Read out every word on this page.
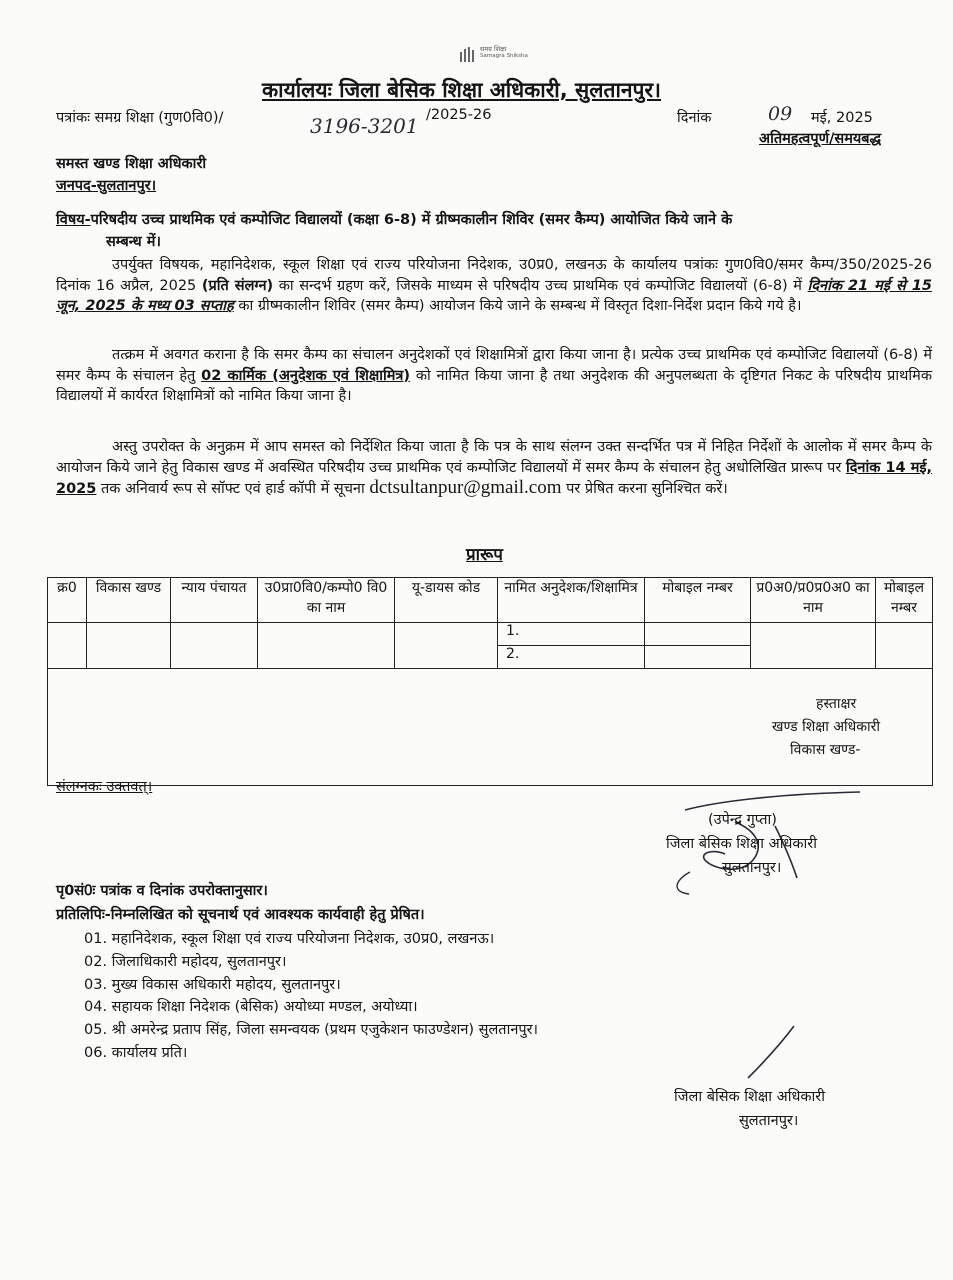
समग्र शिक्षा
Samagra Shiksha
कार्यालयः जिला बेसिक शिक्षा अधिकारी, सुलतानपुर।
पत्रांकः समग्र शिक्षा (गुण0वि0)/	3196-3201 /2025-26	दिनांक	09 मई, 2025
अतिमहत्वपूर्ण/समयबद्ध
समस्त खण्ड शिक्षा अधिकारी
जनपद-सुलतानपुर।
विषय-परिषदीय उच्च प्राथमिक एवं कम्पोजिट विद्यालयों (कक्षा 6-8) में ग्रीष्मकालीन शिविर (समर कैम्प) आयोजित किये जाने के
सम्बन्ध में।
उपर्युक्त विषयक, महानिदेशक, स्कूल शिक्षा एवं राज्य परियोजना निदेशक, उ0प्र0, लखनऊ के कार्यालय पत्रांकः गुण0वि0/समर कैम्प/350/2025-26 दिनांक 16 अप्रैल, 2025 (प्रति संलग्न) का सन्दर्भ ग्रहण करें, जिसके माध्यम से परिषदीय उच्च प्राथमिक एवं कम्पोजिट विद्यालयों (6-8) में दिनांक 21 मई से 15 जून, 2025 के मध्य 03 सप्ताह का ग्रीष्मकालीन शिविर (समर कैम्प) आयोजन किये जाने के सम्बन्ध में विस्तृत दिशा-निर्देश प्रदान किये गये है।
तत्क्रम में अवगत कराना है कि समर कैम्प का संचालन अनुदेशकों एवं शिक्षामित्रों द्वारा किया जाना है। प्रत्येक उच्च प्राथमिक एवं कम्पोजिट विद्यालयों (6-8) में समर कैम्प के संचालन हेतु 02 कार्मिक (अनुदेशक एवं शिक्षामित्र) को नामित किया जाना है तथा अनुदेशक की अनुपलब्धता के दृष्टिगत निकट के परिषदीय प्राथमिक विद्यालयों में कार्यरत शिक्षामित्रों को नामित किया जाना है।
अस्तु उपरोक्त के अनुक्रम में आप समस्त को निर्देशित किया जाता है कि पत्र के साथ संलग्न उक्त सन्दर्भित पत्र में निहित निर्देशों के आलोक में समर कैम्प के आयोजन किये जाने हेतु विकास खण्ड में अवस्थित परिषदीय उच्च प्राथमिक एवं कम्पोजिट विद्यालयों में समर कैम्प के संचालन हेतु अधोलिखित प्रारूप पर दिनांक 14 मई, 2025 तक अनिवार्य रूप से सॉफ्ट एवं हार्ड कॉपी में सूचना dctsultanpur@gmail.com पर प्रेषित करना सुनिश्चित करें।
प्रारूप
क्र0	विकास खण्ड	न्याय पंचायत	उ0प्रा0वि0/कम्पो0 वि0 का नाम	यू-डायस कोड	नामित अनुदेशक/शिक्षामित्र	मोबाइल नम्बर	प्र0अ0/प्र0प्र0अ0 का नाम	मोबाइल नम्बर
					1.			
					2.			

हस्ताक्षर
खण्ड शिक्षा अधिकारी
विकास खण्ड-								
संलग्नकः उक्तवत्।
(उपेन्द्र गुप्ता)
जिला बेसिक शिक्षा अधिकारी
सुलतानपुर।
पृ0सं0ः पत्रांक व दिनांक उपरोक्तानुसार।
प्रतिलिपिः-निम्नलिखित को सूचनार्थ एवं आवश्यक कार्यवाही हेतु प्रेषित।
01. महानिदेशक, स्कूल शिक्षा एवं राज्य परियोजना निदेशक, उ0प्र0, लखनऊ।
02. जिलाधिकारी महोदय, सुलतानपुर।
03. मुख्य विकास अधिकारी महोदय, सुलतानपुर।
04. सहायक शिक्षा निदेशक (बेसिक) अयोध्या मण्डल, अयोध्या।
05. श्री अमरेन्द्र प्रताप सिंह, जिला समन्वयक (प्रथम एजुकेशन फाउण्डेशन) सुलतानपुर।
06. कार्यालय प्रति।
जिला बेसिक शिक्षा अधिकारी
सुलतानपुर।
